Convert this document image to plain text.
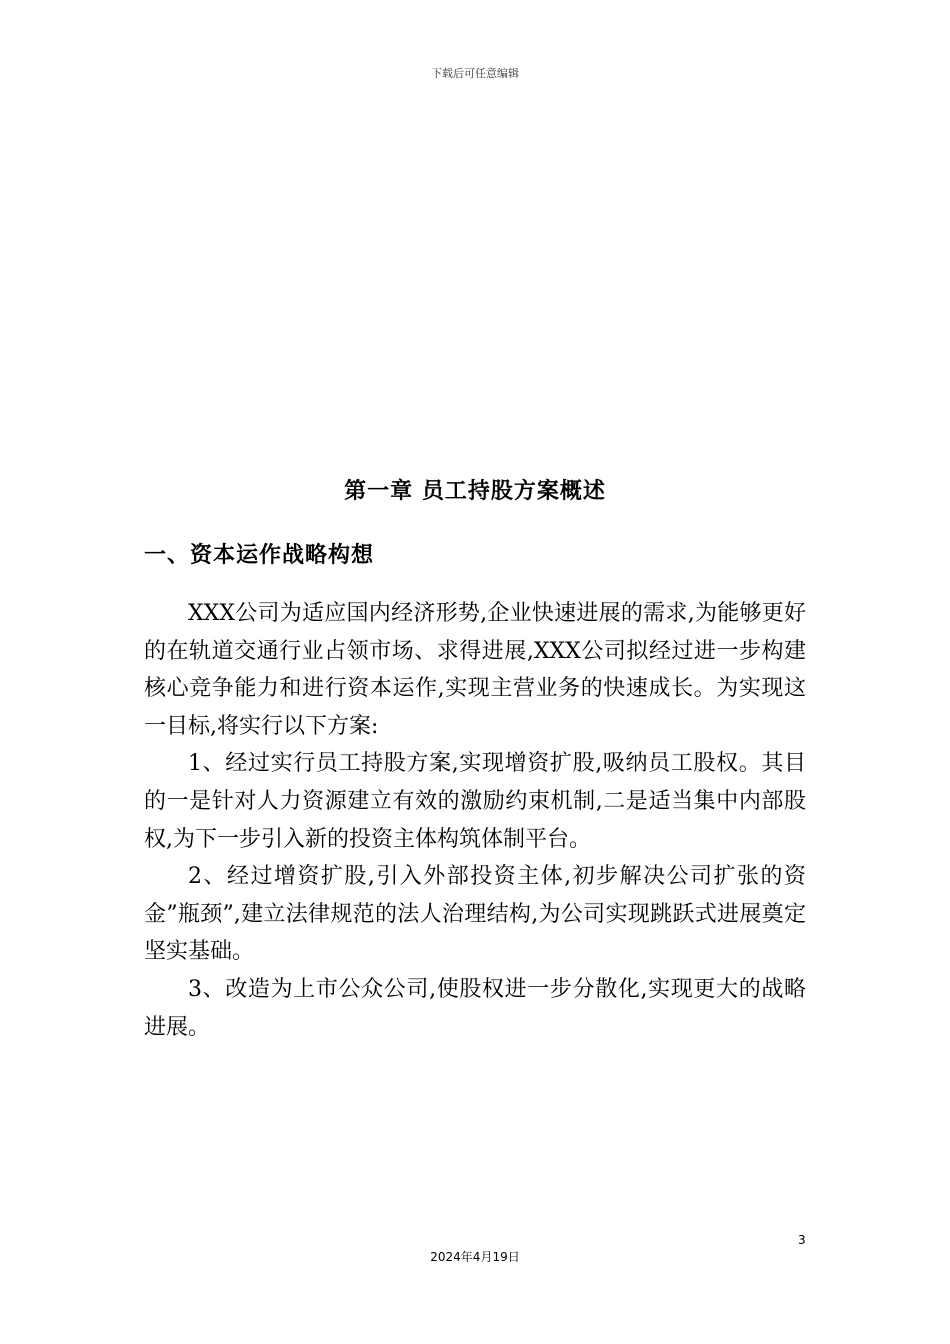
下载后可任意编辑
第一章 员工持股方案概述
一、资本运作战略构想

XXX公司为适应国内经济形势,企业快速进展的需求,为能够更好的在轨道交通行业占领市场、求得进展,XXX公司拟经过进一步构建核心竞争能力和进行资本运作,实现主营业务的快速成长。为实现这一目标,将实行以下方案:

1、经过实行员工持股方案,实现增资扩股,吸纳员工股权。其目的一是针对人力资源建立有效的激励约束机制,二是适当集中内部股权,为下一步引入新的投资主体构筑体制平台。

2、经过增资扩股,引入外部投资主体,初步解决公司扩张的资金”瓶颈”,建立法律规范的法人治理结构,为公司实现跳跃式进展奠定坚实基础。

3、改造为上市公众公司,使股权进一步分散化,实现更大的战略进展。

3
2024年4月19日
